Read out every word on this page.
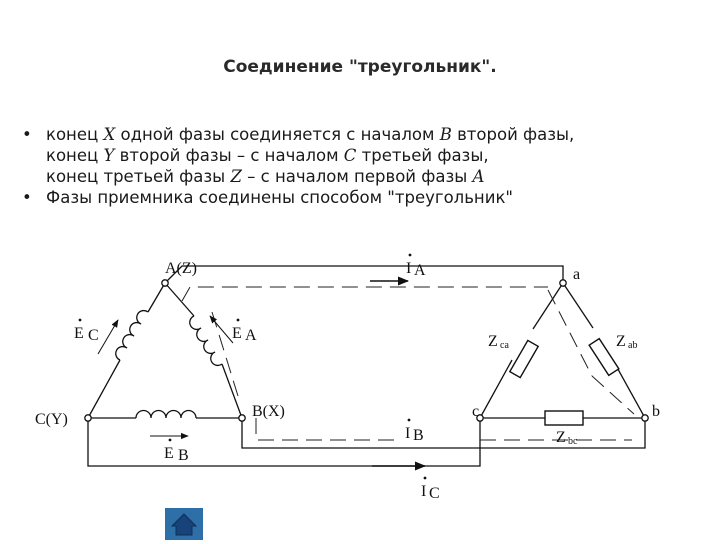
Соединение "треугольник".
• конец X одной фазы соединяется с началом B второй фазы,
конец Y второй фазы – с началом C третьей фазы,
конец третьей фазы Z – с началом первой фазы A
• Фазы приемника соединены способом "треугольник"
A(Z)
C(Y)	B(X)
a
b
c
E C	E A
E B
I A
I B
I C
Z ca	Z ab
Z bc
